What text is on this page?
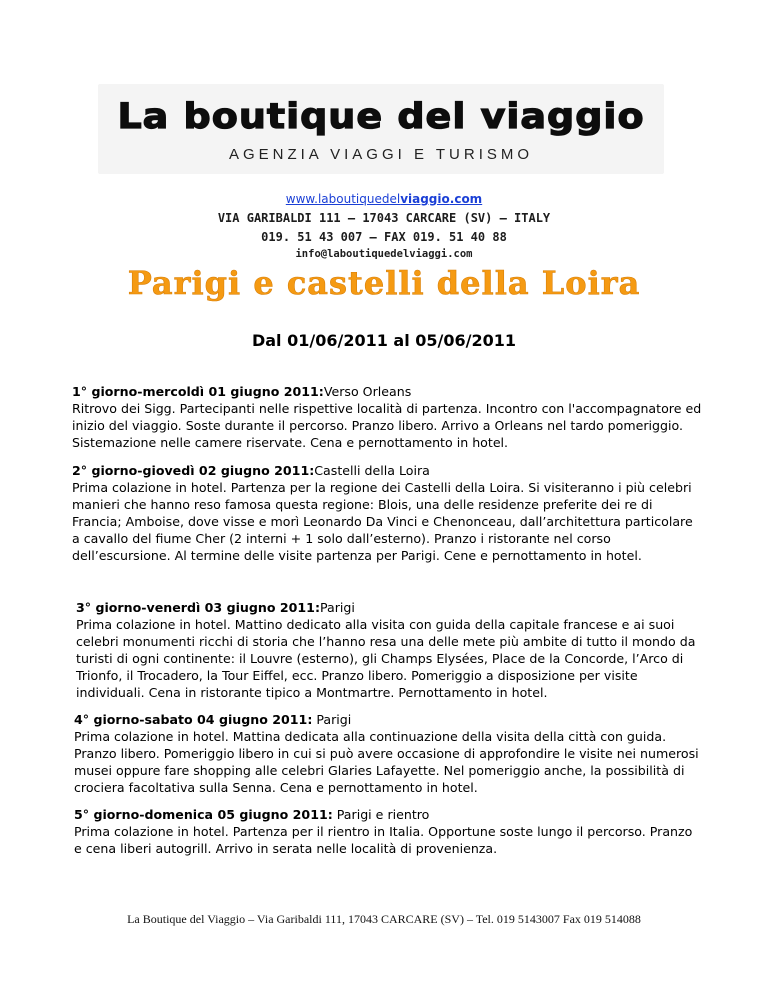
La boutique del viaggio
AGENZIA VIAGGI E TURISMO
www.laboutiquedelviaggio.com
VIA GARIBALDI 111 – 17043 CARCARE (SV) – ITALY
019. 51 43 007 – FAX 019. 51 40 88
info@laboutiquedelviaggi.com
Parigi e castelli della Loira
Dal 01/06/2011 al 05/06/2011
1° giorno-mercoldì 01 giugno 2011:Verso Orleans
Ritrovo dei Sigg. Partecipanti nelle rispettive località di partenza. Incontro con l'accompagnatore ed inizio del viaggio. Soste durante il percorso. Pranzo libero. Arrivo a Orleans nel tardo pomeriggio. Sistemazione nelle camere riservate. Cena e pernottamento in hotel.
2° giorno-giovedì 02 giugno 2011:Castelli della Loira
Prima colazione in hotel. Partenza per la regione dei Castelli della Loira. Si visiteranno i più celebri manieri che hanno reso famosa questa regione: Blois, una delle residenze preferite dei re di Francia; Amboise, dove visse e morì Leonardo Da Vinci e Chenonceau, dall’architettura particolare a cavallo del fiume Cher (2 interni + 1 solo dall’esterno). Pranzo i ristorante nel corso dell’escursione. Al termine delle visite partenza per Parigi. Cene e pernottamento in hotel.
3° giorno-venerdì 03 giugno 2011:Parigi
Prima colazione in hotel. Mattino dedicato alla visita con guida della capitale francese e ai suoi celebri monumenti ricchi di storia che l’hanno resa una delle mete più ambite di tutto il mondo da turisti di ogni continente: il Louvre (esterno), gli Champs Elysées, Place de la Concorde, l’Arco di Trionfo, il Trocadero, la Tour Eiffel, ecc. Pranzo libero. Pomeriggio a disposizione per visite individuali. Cena in ristorante tipico a Montmartre. Pernottamento in hotel.
4° giorno-sabato 04 giugno 2011: Parigi
Prima colazione in hotel. Mattina dedicata alla continuazione della visita della città con guida. Pranzo libero. Pomeriggio libero in cui si può avere occasione di approfondire le visite nei numerosi musei oppure fare shopping alle celebri Glaries Lafayette. Nel pomeriggio anche, la possibilità di crociera facoltativa sulla Senna. Cena e pernottamento in hotel.
5° giorno-domenica 05 giugno 2011: Parigi e rientro
Prima colazione in hotel. Partenza per il rientro in Italia. Opportune soste lungo il percorso. Pranzo e cena liberi autogrill. Arrivo in serata nelle località di provenienza.
La Boutique del Viaggio – Via Garibaldi 111, 17043 CARCARE (SV) – Tel. 019 5143007 Fax 019 514088
